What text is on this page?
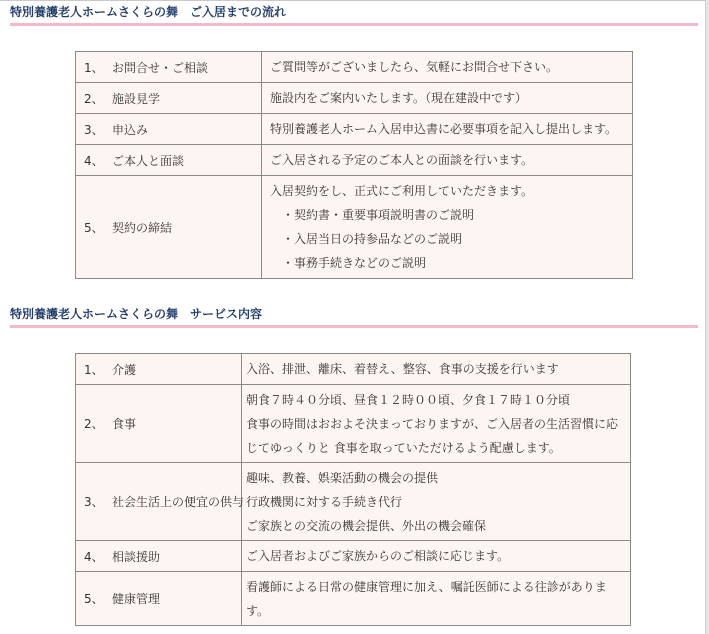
特別養護老人ホームさくらの舞　ご入居までの流れ
1、 お問合せ・ご相談	ご質問等がございましたら、気軽にお問合せ下さい。

2、 施設見学	施設内をご案内いたします。（現在建設中です）

3、 申込み	特別養護老人ホーム入居申込書に必要事項を記入し提出します。

4、 ご本人と面談	ご入居される予定のご本人との面談を行います。

5、 契約の締結	入居契約をし、正式にご利用していただきます。
・契約書・重要事項説明書のご説明
・入居当日の持参品などのご説明
・事務手続きなどのご説明
特別養護老人ホームさくらの舞　サービス内容
1、 介護	入浴、排泄、離床、着替え、整容、食事の支援を行います

2、 食事	朝食７時４０分頃、昼食１２時００頃、夕食１７時１０分頃
食事の時間はおおよそ決まっておりますが、ご入居者の生活習慣に応
じてゆっくりと 食事を取っていただけるよう配慮します。

3、 社会生活上の便宜の供与	趣味、教養、娯楽活動の機会の提供
行政機関に対する手続き代行
ご家族との交流の機会提供、外出の機会確保

4、 相談援助	ご入居者およびご家族からのご相談に応じます。

5、 健康管理	看護師による日常の健康管理に加え、嘱託医師による往診がありま
す。
